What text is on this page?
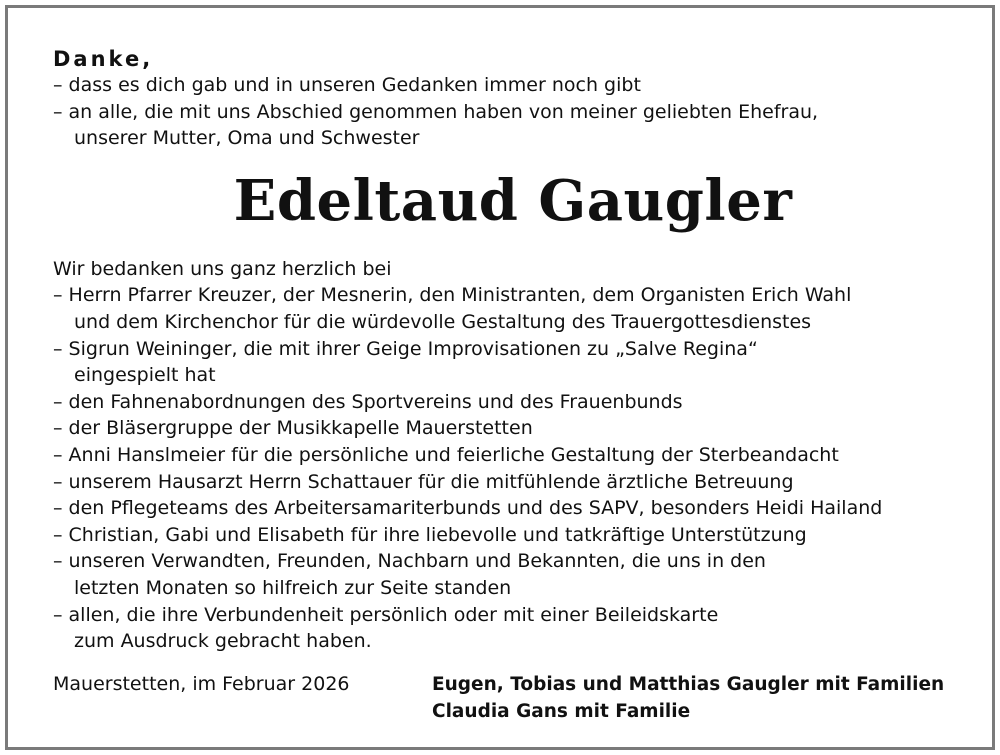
Danke,

– dass es dich gab und in unseren Gedanken immer noch gibt

– an alle, die mit uns Abschied genommen haben von meiner geliebten Ehefrau,

unserer Mutter, Oma und Schwester

Edeltaud Gaugler

Wir bedanken uns ganz herzlich bei

– Herrn Pfarrer Kreuzer, der Mesnerin, den Ministranten, dem Organisten Erich Wahl

und dem Kirchenchor für die würdevolle Gestaltung des Trauergottesdienstes

– Sigrun Weininger, die mit ihrer Geige Improvisationen zu „Salve Regina“

eingespielt hat

– den Fahnenabordnungen des Sportvereins und des Frauenbunds

– der Bläsergruppe der Musikkapelle Mauerstetten

– Anni Hanslmeier für die persönliche und feierliche Gestaltung der Sterbeandacht

– unserem Hausarzt Herrn Schattauer für die mitfühlende ärztliche Betreuung

– den Pflegeteams des Arbeitersamariterbunds und des SAPV, besonders Heidi Hailand

– Christian, Gabi und Elisabeth für ihre liebevolle und tatkräftige Unterstützung

– unseren Verwandten, Freunden, Nachbarn und Bekannten, die uns in den

letzten Monaten so hilfreich zur Seite standen

– allen, die ihre Verbundenheit persönlich oder mit einer Beileidskarte

zum Ausdruck gebracht haben.

Mauerstetten, im Februar 2026	Eugen, Tobias und Matthias Gaugler mit Familien
Claudia Gans mit Familie
